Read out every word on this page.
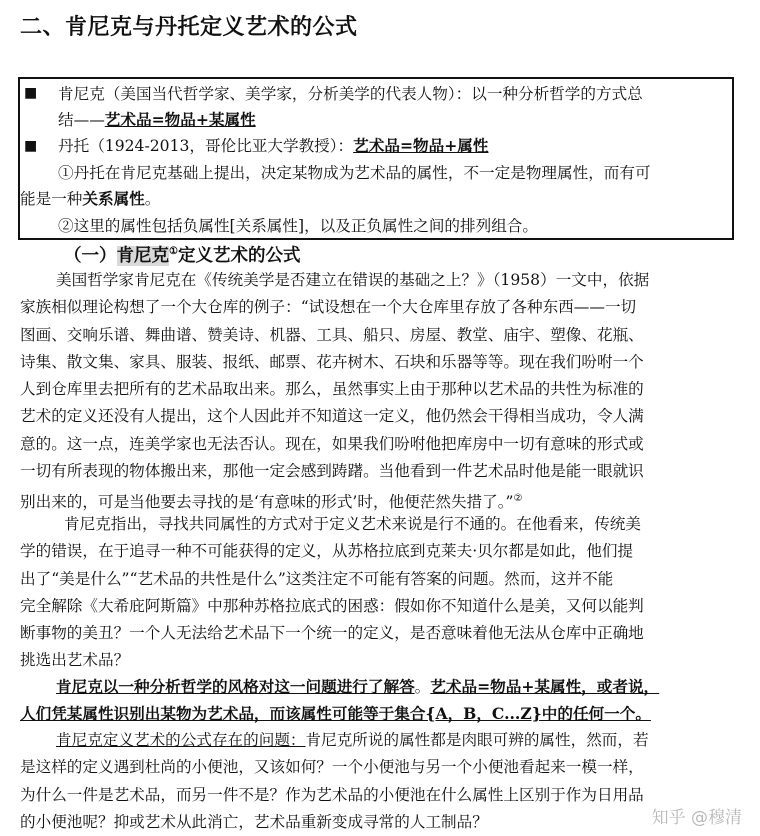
二、肯尼克与丹托定义艺术的公式
■ 肯尼克（美国当代哲学家、美学家，分析美学的代表人物）：以一种分析哲学的方式总
结——艺术品=物品+某属性
■ 丹托（1924-2013，哥伦比亚大学教授）：艺术品=物品+属性
①丹托在肯尼克基础上提出，决定某物成为艺术品的属性，不一定是物理属性，而有可
能是一种关系属性。
②这里的属性包括负属性[关系属性]，以及正负属性之间的排列组合。
（一）肯尼克①定义艺术的公式
美国哲学家肯尼克在《传统美学是否建立在错误的基础之上？》（1958）一文中，依据
家族相似理论构想了一个大仓库的例子：“试设想在一个大仓库里存放了各种东西——一切
图画、交响乐谱、舞曲谱、赞美诗、机器、工具、船只、房屋、教堂、庙宇、塑像、花瓶、
诗集、散文集、家具、服装、报纸、邮票、花卉树木、石块和乐器等等。现在我们吩咐一个
人到仓库里去把所有的艺术品取出来。那么，虽然事实上由于那种以艺术品的共性为标准的
艺术的定义还没有人提出，这个人因此并不知道这一定义，他仍然会干得相当成功，令人满
意的。这一点，连美学家也无法否认。现在，如果我们吩咐他把库房中一切有意味的形式或
一切有所表现的物体搬出来，那他一定会感到踌躇。当他看到一件艺术品时他是能一眼就识
别出来的，可是当他要去寻找的是‘有意味的形式’时，他便茫然失措了。”②
肯尼克指出，寻找共同属性的方式对于定义艺术来说是行不通的。在他看来，传统美
学的错误，在于追寻一种不可能获得的定义，从苏格拉底到克莱夫·贝尔都是如此，他们提
出了“美是什么”“艺术品的共性是什么”这类注定不可能有答案的问题。然而，这并不能
完全解除《大希庇阿斯篇》中那种苏格拉底式的困惑：假如你不知道什么是美，又何以能判
断事物的美丑？一个人无法给艺术品下一个统一的定义，是否意味着他无法从仓库中正确地
挑选出艺术品？
肯尼克以一种分析哲学的风格对这一问题进行了解答。艺术品=物品+某属性，或者说，
人们凭某属性识别出某物为艺术品，而该属性可能等于集合{A，B，C...Z}中的任何一个。
肯尼克定义艺术的公式存在的问题：肯尼克所说的属性都是肉眼可辨的属性，然而，若
是这样的定义遇到杜尚的小便池，又该如何？一个小便池与另一个小便池看起来一模一样，
为什么一件是艺术品，而另一件不是？作为艺术品的小便池在什么属性上区别于作为日用品
的小便池呢？抑或艺术从此消亡，艺术品重新变成寻常的人工制品？	知乎 @穆清
